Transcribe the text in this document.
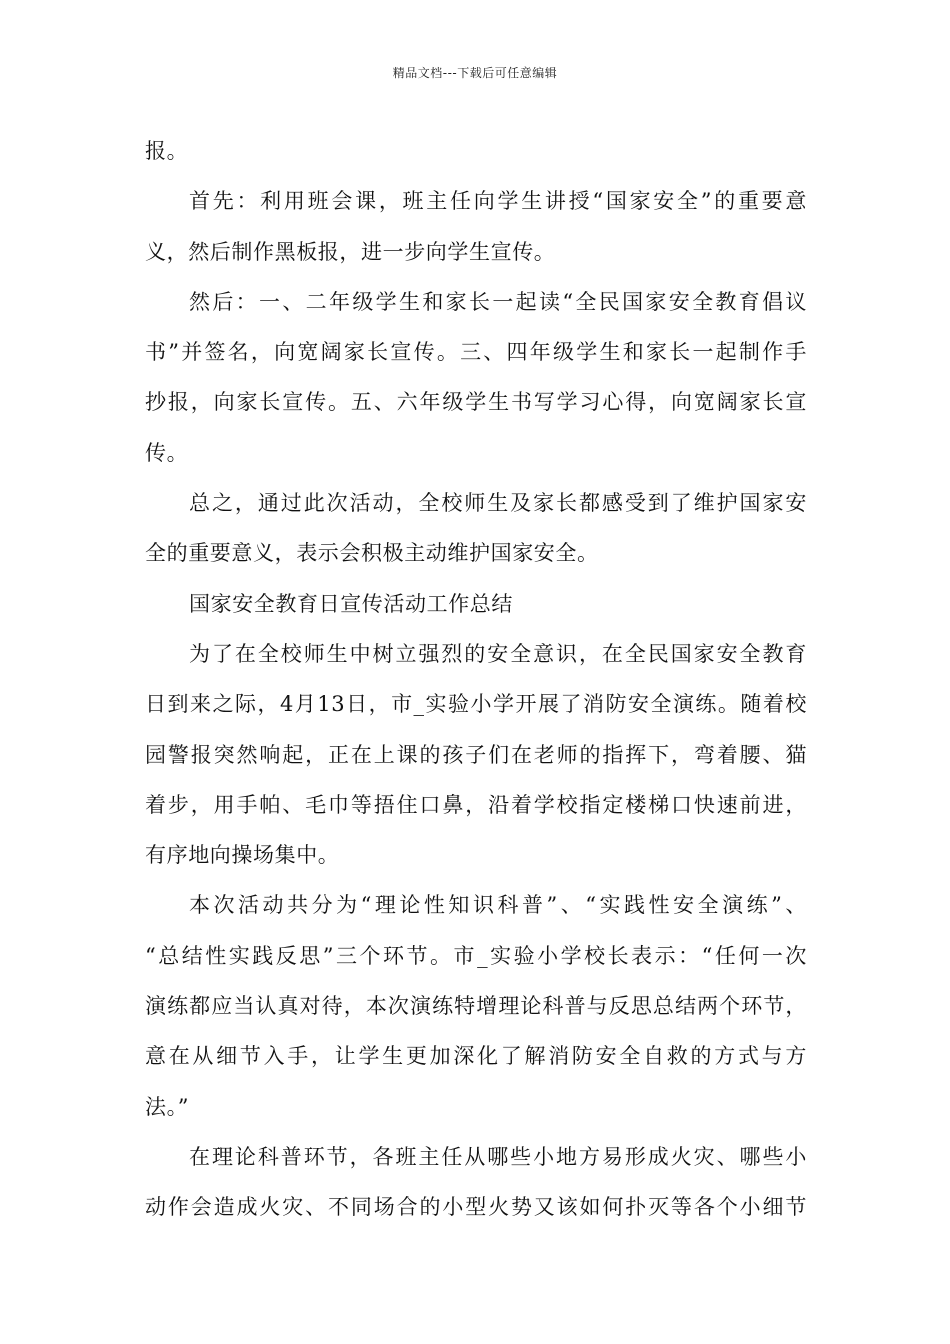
精品文档---下载后可任意编辑
报。
首先：利用班会课，班主任向学生讲授“国家安全”的重要意
义，然后制作黑板报，进一步向学生宣传。
然后：一、二年级学生和家长一起读“全民国家安全教育倡议
书”并签名，向宽阔家长宣传。三、四年级学生和家长一起制作手
抄报，向家长宣传。五、六年级学生书写学习心得，向宽阔家长宣
传。
总之，通过此次活动，全校师生及家长都感受到了维护国家安
全的重要意义，表示会积极主动维护国家安全。
国家安全教育日宣传活动工作总结
为了在全校师生中树立强烈的安全意识，在全民国家安全教育
日到来之际，4月13日，市_实验小学开展了消防安全演练。随着校
园警报突然响起，正在上课的孩子们在老师的指挥下，弯着腰、猫
着步，用手帕、毛巾等捂住口鼻，沿着学校指定楼梯口快速前进，
有序地向操场集中。
本次活动共分为“理论性知识科普”、“实践性安全演练”、
“总结性实践反思”三个环节。市_实验小学校长表示：“任何一次
演练都应当认真对待，本次演练特增理论科普与反思总结两个环节，
意在从细节入手，让学生更加深化了解消防安全自救的方式与方
法。”
在理论科普环节，各班主任从哪些小地方易形成火灾、哪些小
动作会造成火灾、不同场合的小型火势又该如何扑灭等各个小细节
